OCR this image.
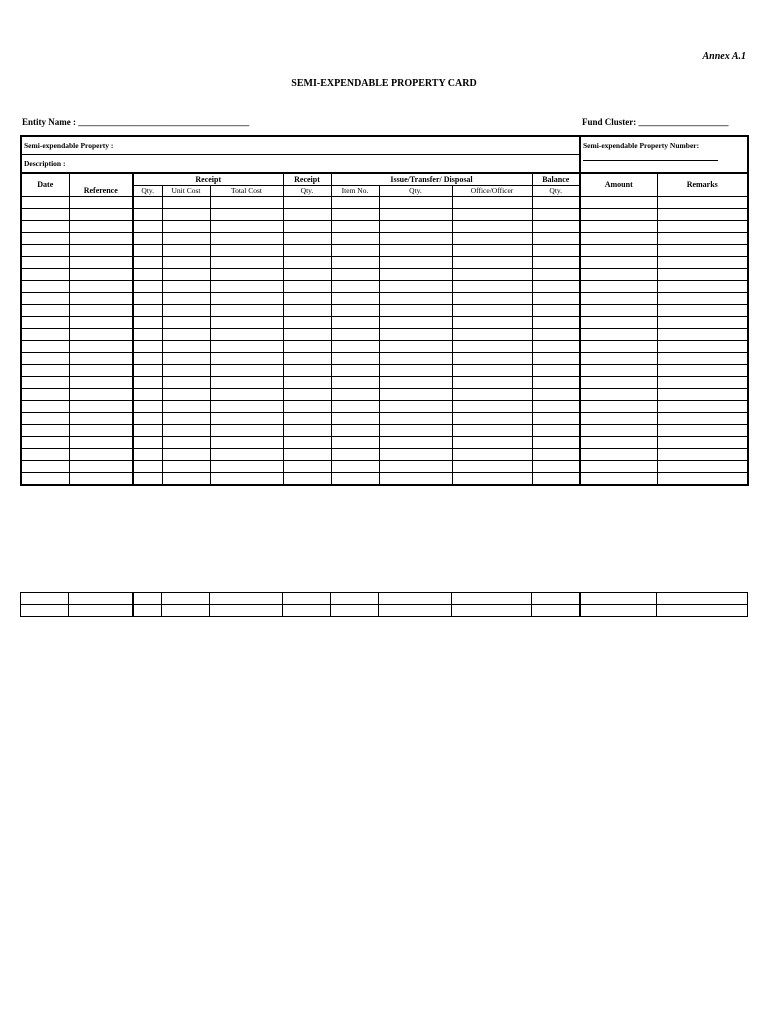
Annex A.1
SEMI-EXPENDABLE PROPERTY CARD
Entity Name : ______________________________________	Fund Cluster: ____________________
Semi-expendable Property :										Semi-expendable Property Number:	

Description :											
Date	Reference	Receipt			Receipt	Issue/Transfer/ Disposal			Balance	Amount	Remarks
		Qty.	Unit Cost	Total Cost	Qty.	Item No.	Qty.	Office/Officer	Qty.		
